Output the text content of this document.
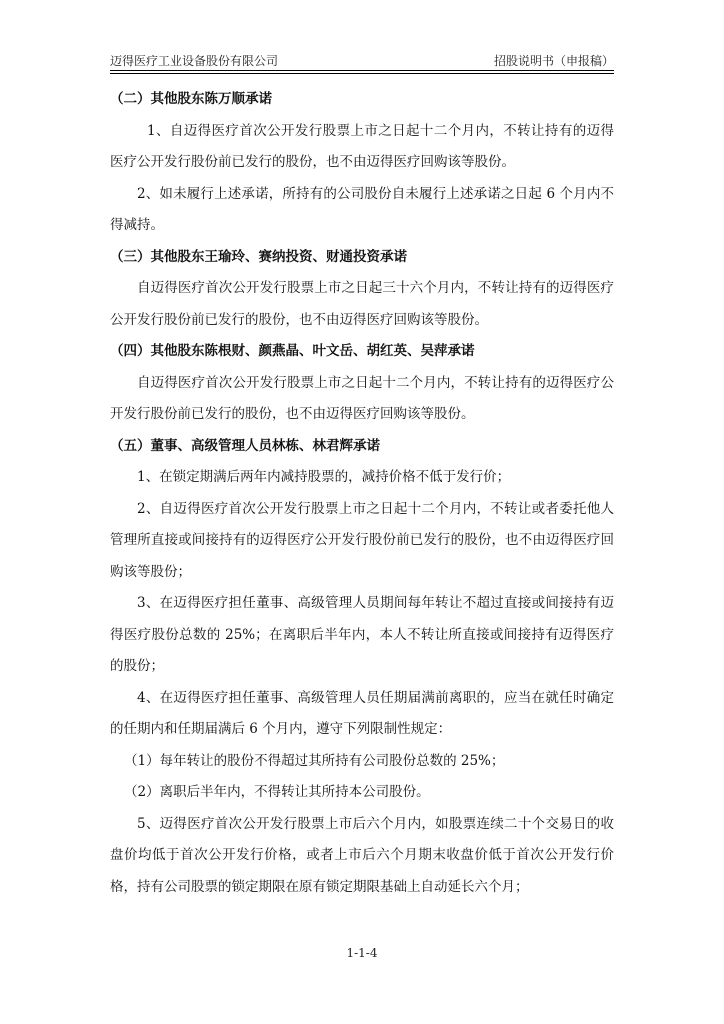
迈得医疗工业设备股份有限公司	招股说明书（申报稿）

（二）其他股东陈万顺承诺

1、自迈得医疗首次公开发行股票上市之日起十二个月内，不转让持有的迈得医疗公开发行股份前已发行的股份，也不由迈得医疗回购该等股份。

2、如未履行上述承诺，所持有的公司股份自未履行上述承诺之日起 6 个月内不得减持。

（三）其他股东王瑜玲、赛纳投资、财通投资承诺

自迈得医疗首次公开发行股票上市之日起三十六个月内，不转让持有的迈得医疗公开发行股份前已发行的股份，也不由迈得医疗回购该等股份。

（四）其他股东陈根财、颜燕晶、叶文岳、胡红英、吴萍承诺

自迈得医疗首次公开发行股票上市之日起十二个月内，不转让持有的迈得医疗公开发行股份前已发行的股份，也不由迈得医疗回购该等股份。

（五）董事、高级管理人员林栋、林君辉承诺

1、在锁定期满后两年内减持股票的，减持价格不低于发行价；

2、自迈得医疗首次公开发行股票上市之日起十二个月内，不转让或者委托他人管理所直接或间接持有的迈得医疗公开发行股份前已发行的股份，也不由迈得医疗回购该等股份；

3、在迈得医疗担任董事、高级管理人员期间每年转让不超过直接或间接持有迈得医疗股份总数的 25%；在离职后半年内，本人不转让所直接或间接持有迈得医疗的股份；

4、在迈得医疗担任董事、高级管理人员任期届满前离职的，应当在就任时确定的任期内和任期届满后 6 个月内，遵守下列限制性规定：

（1）每年转让的股份不得超过其所持有公司股份总数的 25%；

（2）离职后半年内，不得转让其所持本公司股份。

5、迈得医疗首次公开发行股票上市后六个月内，如股票连续二十个交易日的收盘价均低于首次公开发行价格，或者上市后六个月期末收盘价低于首次公开发行价格，持有公司股票的锁定期限在原有锁定期限基础上自动延长六个月；

1-1-4
